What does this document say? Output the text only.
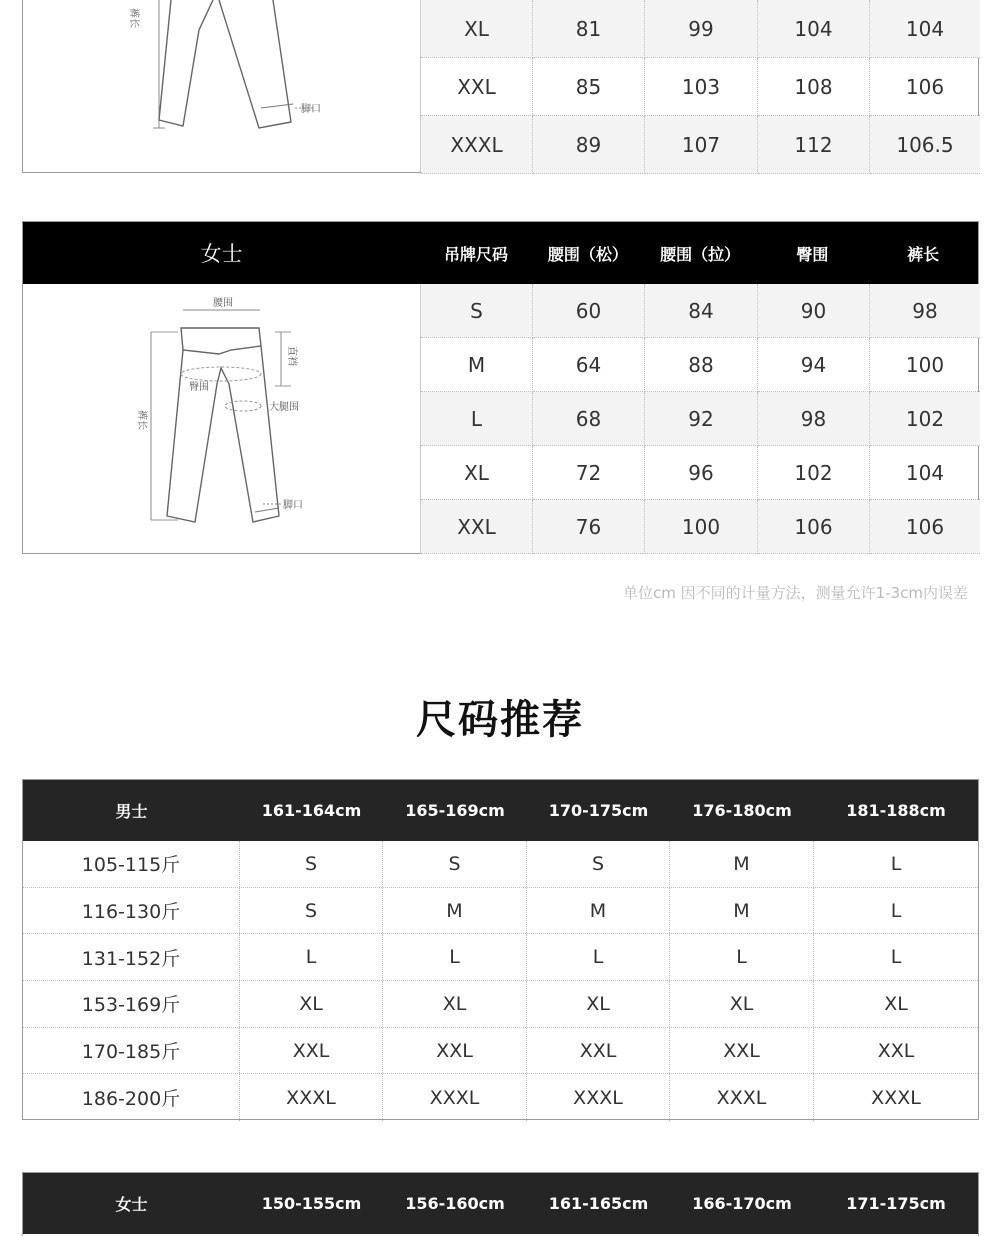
裤长
脚口
XL	81	99	104	104
XXL	85	103	108	106
XXXL	89	107	112	106.5
女士	吊牌尺码	腰围（松）	腰围（拉）	臀围	裤长
腰围
直裆
臀围
大腿围
裤长
脚口
S	60	84	90	98
M	64	88	94	100
L	68	92	98	102
XL	72	96	102	104
XXL	76	100	106	106
单位cm 因不同的计量方法，测量允许1-3cm内误差
尺码推荐
男士	161-164cm	165-169cm	170-175cm	176-180cm	181-188cm
105-115斤	S	S	S	M	L
116-130斤	S	M	M	M	L
131-152斤	L	L	L	L	L
153-169斤	XL	XL	XL	XL	XL
170-185斤	XXL	XXL	XXL	XXL	XXL
186-200斤	XXXL	XXXL	XXXL	XXXL	XXXL
女士	150-155cm	156-160cm	161-165cm	166-170cm	171-175cm
